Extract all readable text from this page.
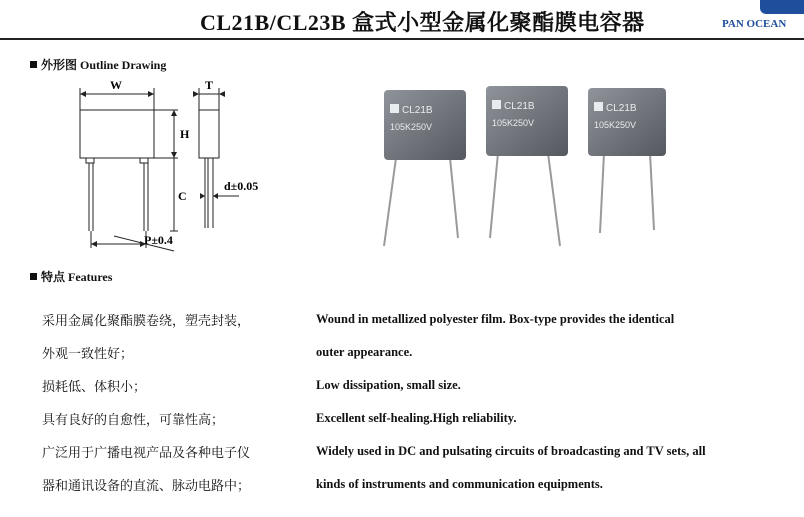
CL21B/CL23B 盒式小型金属化聚酯膜电容器	PAN OCEAN
外形图 Outline Drawing
W	T
H
C
d±0.05
P±0.4
CL21B
105K250V
CL21B
105K250V
CL21B
105K250V
特点 Features
采用金属化聚酯膜卷绕，塑壳封装，
外观一致性好；
损耗低、体积小；
具有良好的自愈性，可靠性高；
广泛用于广播电视产品及各种电子仪
器和通讯设备的直流、脉动电路中；
Wound in metallized polyester film. Box-type provides the identical
outer appearance.
Low dissipation, small size.
Excellent self-healing.High reliability.
Widely used in DC and pulsating circuits of broadcasting and TV sets, all
kinds of instruments and communication equipments.
